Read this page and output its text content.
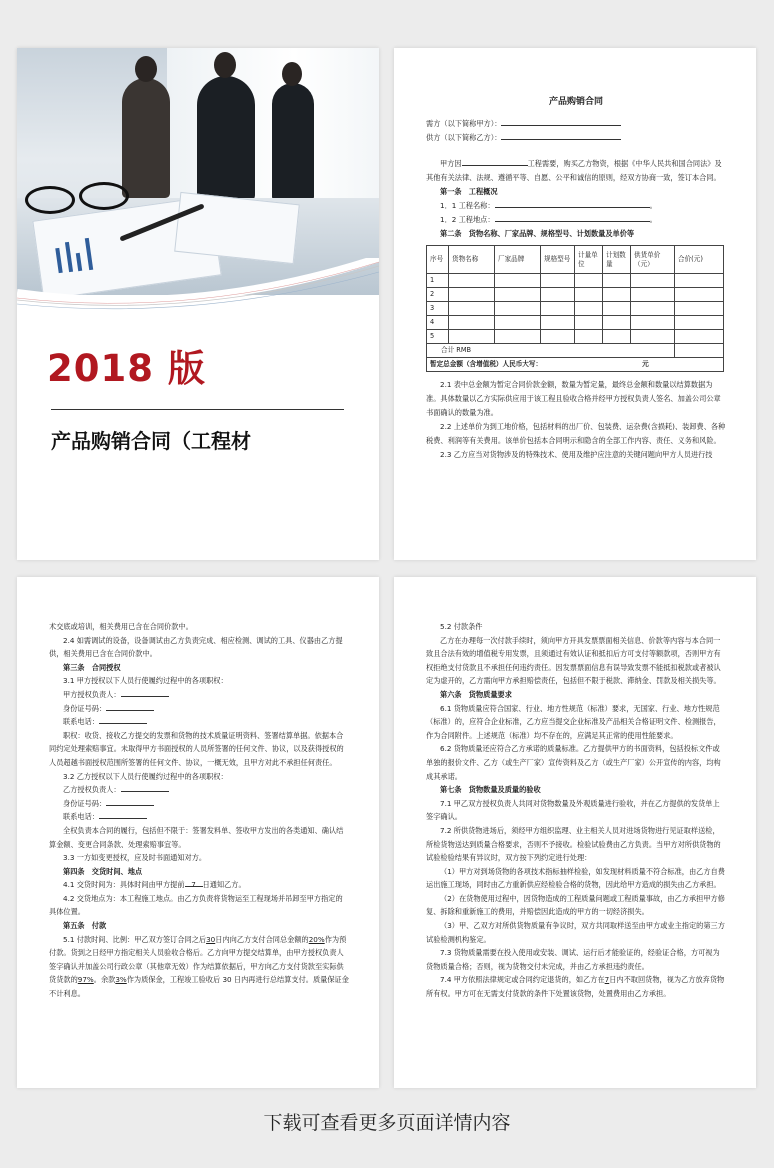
2018 版
产品购销合同（工程材

产品购销合同

需方（以下简称甲方）：

供方（以下简称乙方）：

甲方因	工程需要，购买乙方物资，根据《中华人民共和国合同法》及其他有关法律、法规、遵循平等、自愿、公平和诚信的原则，经双方协商一致，签订本合同。

第一条　工程概况

1．1 工程名称：	。

1．2 工程地点：	。

第二条　货物名称、厂家品牌、规格型号、计划数量及单价等

序号	货物名称	厂家品牌	规格型号	计量单位	计划数量	供货单价（元）	合价(元)
1							
2							
3							
4							
5							
合计 RMB							
暂定总金额（含增值税）人民币大写： 元							

2.1 表中总金额为暂定合同价款金额，数量为暂定量，最终总金额和数量以结算数据为准。具体数量以乙方实际供应用于该工程且验收合格并经甲方授权负责人签名、加盖公司公章书面确认的数量为准。

2.2 上述单价为到工地价格，包括材料的出厂价、包装费、运杂费(含损耗)、装卸费、各种税费、利润等有关费用。该单价包括本合同明示和隐含的全部工作内容、责任、义务和风险。

2.3 乙方应当对货物涉及的特殊技术、使用及维护应注意的关键问题向甲方人员进行技

术交底或培训，相关费用已含在合同价款中。

2.4 如需调试的设备，设备调试由乙方负责完成、相应检测、调试的工具、仪器由乙方提供，相关费用已含在合同价款中。

第三条　合同授权

3.1 甲方授权以下人员行使履约过程中的各项职权：

甲方授权负责人：

身份证号码：

联系电话：

职权：收货、接收乙方提交的发票和货物的技术质量证明资料、签署结算单据。依据本合同约定处理索赔事宜。未取得甲方书面授权的人员所签署的任何文件、协议，以及获得授权的人员超越书面授权范围所签署的任何文件、协议，一概无效，且甲方对此不承担任何责任。

3.2 乙方授权以下人员行使履约过程中的各项职权：

乙方授权负责人：

身份证号码：

联系电话：

全权负责本合同的履行，包括但不限于：签署发料单、签收甲方发出的各类通知、确认结算金额、变更合同条款、处理索赔事宜等。

3.3 一方如变更授权，应及时书面通知对方。

第四条　交货时间、地点

4.1 交货时间为：具体时间由甲方提前 7 日通知乙方。

4.2 交货地点为：本工程施工地点。由乙方负责将货物运至工程现场并吊卸至甲方指定的具体位置。

第五条　付款

5.1 付款时间、比例：甲乙双方签订合同之后30日内向乙方支付合同总金额的20%作为预付款。货到之日经甲方指定相关人员验收合格后。乙方向甲方提交结算单，由甲方授权负责人签字确认并加盖公司行政公章（其他章无效）作为结算依据后，甲方向乙方支付货款至实际供货货款的97%。余款3%作为质保金，工程竣工验收后 30 日内再进行总结算支付。质量保证金不计利息。

5.2 付款条件

乙方在办理每一次付款手续时，须向甲方开具发票票面相关信息、价款等内容与本合同一致且合法有效的增值税专用发票，且须通过有效认证和抵扣后方可支付等额款项，否则甲方有权拒绝支付货款且不承担任何违约责任。因发票票面信息有误导致发票不能抵扣税款或者被认定为虚开的，乙方需向甲方承担赔偿责任，包括但不限于税款、滞纳金、罚款及相关损失等。

第六条　货物质量要求

6.1 货物质量应符合国家、行业、地方性规范（标准）要求，无国家、行业、地方性规范（标准）的，应符合企业标准，乙方应当提交企业标准及产品相关合格证明文件、检测报告，作为合同附件。上述规范（标准）均不存在的，应满足其正常的使用性能要求。

6.2 货物质量还应符合乙方承诺的质量标准。乙方提供甲方的书面资料，包括投标文件或单独的报价文件、乙方（或生产厂家）宣传资料及乙方（或生产厂家）公开宣传的内容，均构成其承诺。

第七条　货物数量及质量的验收

7.1 甲乙双方授权负责人共同对货物数量及外观质量进行验收，并在乙方提供的发货单上签字确认。

7.2 所供货物进场后，须经甲方组织监理、业主相关人员对进场货物进行见证取样送检，所检货物送达到质量合格要求，否则不予接收。检验试验费由乙方负责。当甲方对所供货物的试验检验结果有异议时，双方按下列约定进行处理：

（1）甲方对到场货物的各项技术指标抽样检验，如发现材料质量不符合标准，由乙方自费运出施工现场，同时由乙方重新供应经检验合格的货物，因此给甲方造成的损失由乙方承担。

（2）在货物使用过程中，因货物造成的工程质量问题或工程质量事故，由乙方承担甲方修复、拆除和重新施工的费用，并赔偿因此造成的甲方的一切经济损失。

（3）甲、乙双方对所供货物质量有争议时，双方共同取样送至由甲方或业主指定的第三方试验检测机构鉴定。

7.3 货物质量需要在投入使用或安装、调试、运行后才能验证的，经验证合格，方可视为货物质量合格；否则，视为货物交付未完成，并由乙方承担违约责任。

7.4 甲方依照法律规定或合同约定退货的，如乙方在7日内不取回货物，视为乙方放弃货物所有权。甲方可在无需支付货款的条件下处置该货物，处置费用由乙方承担。

下载可查看更多页面详情内容
